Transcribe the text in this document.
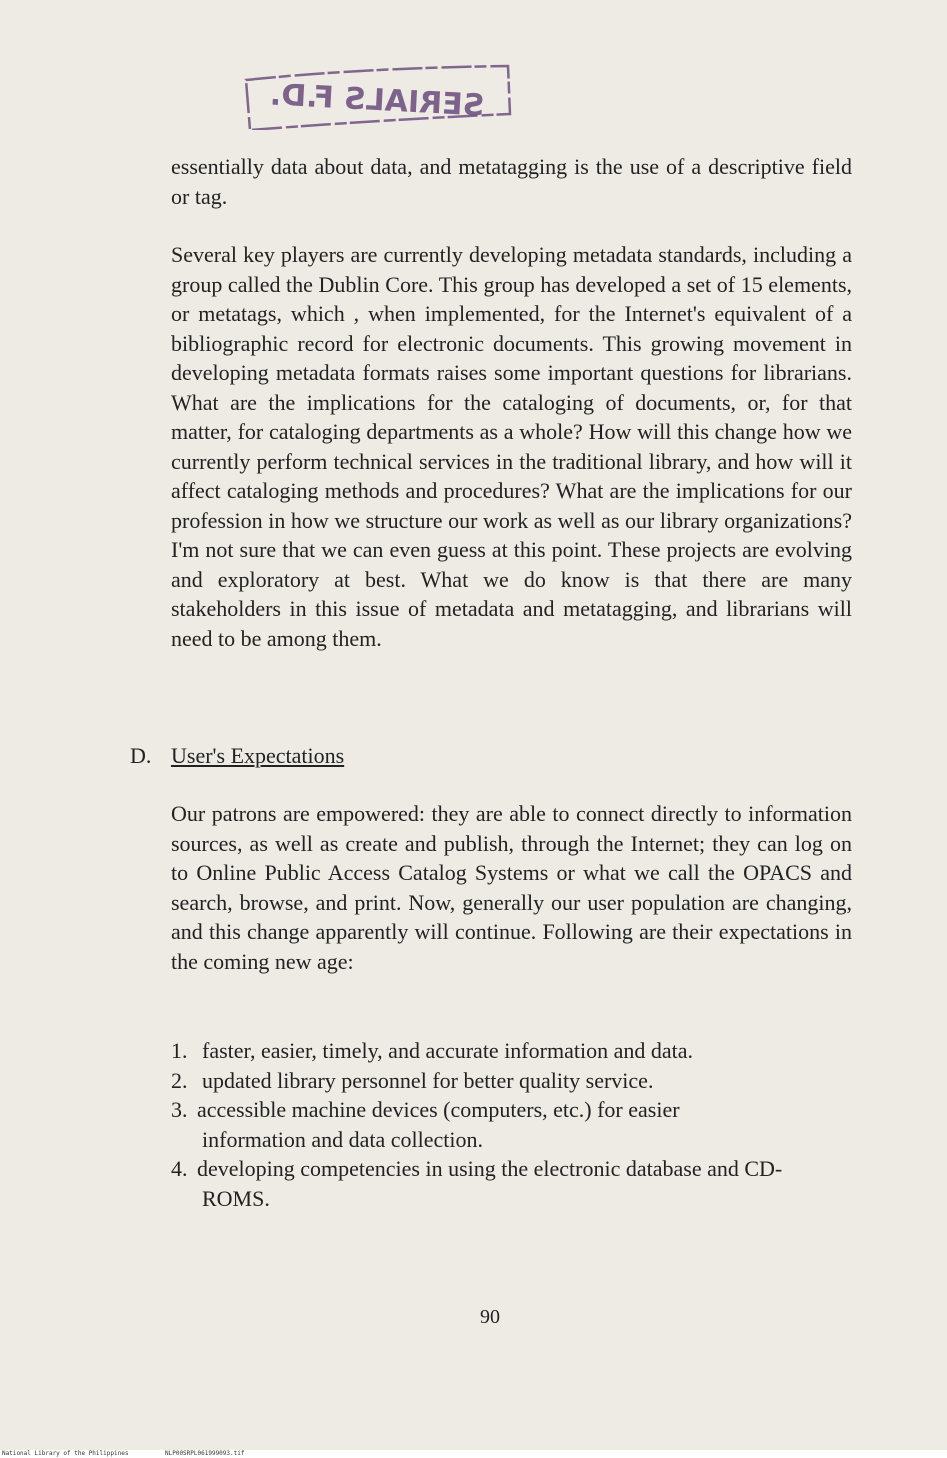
SERIALS F.D.

essentially data about data, and metatagging is the use of a descriptive field or tag.

Several key players are currently developing metadata standards, including a group called the Dublin Core. This group has developed a set of 15 elements, or metatags, which , when implemented, for the Internet's equivalent of a bibliographic record for electronic documents. This growing movement in developing metadata formats raises some important questions for librarians. What are the implications for the cataloging of documents, or, for that matter, for cataloging departments as a whole? How will this change how we currently perform technical services in the traditional library, and how will it affect cataloging methods and procedures? What are the implications for our profession in how we structure our work as well as our library organizations? I'm not sure that we can even guess at this point. These projects are evolving and exploratory at best. What we do know is that there are many stakeholders in this issue of metadata and metatagging, and librarians will need to be among them.

D. User's Expectations

Our patrons are empowered: they are able to connect directly to information sources, as well as create and publish, through the Internet; they can log on to Online Public Access Catalog Systems or what we call the OPACS and search, browse, and print. Now, generally our user population are changing, and this change apparently will continue. Following are their expectations in the coming new age:

1. faster, easier, timely, and accurate information and data.
2. updated library personnel for better quality service.
3. accessible machine devices (computers, etc.) for easier
information and data collection.
4. developing competencies in using the electronic database and CD-
ROMS.
90
National Library of the Philippines	NLP00SRPL061999093.tif
